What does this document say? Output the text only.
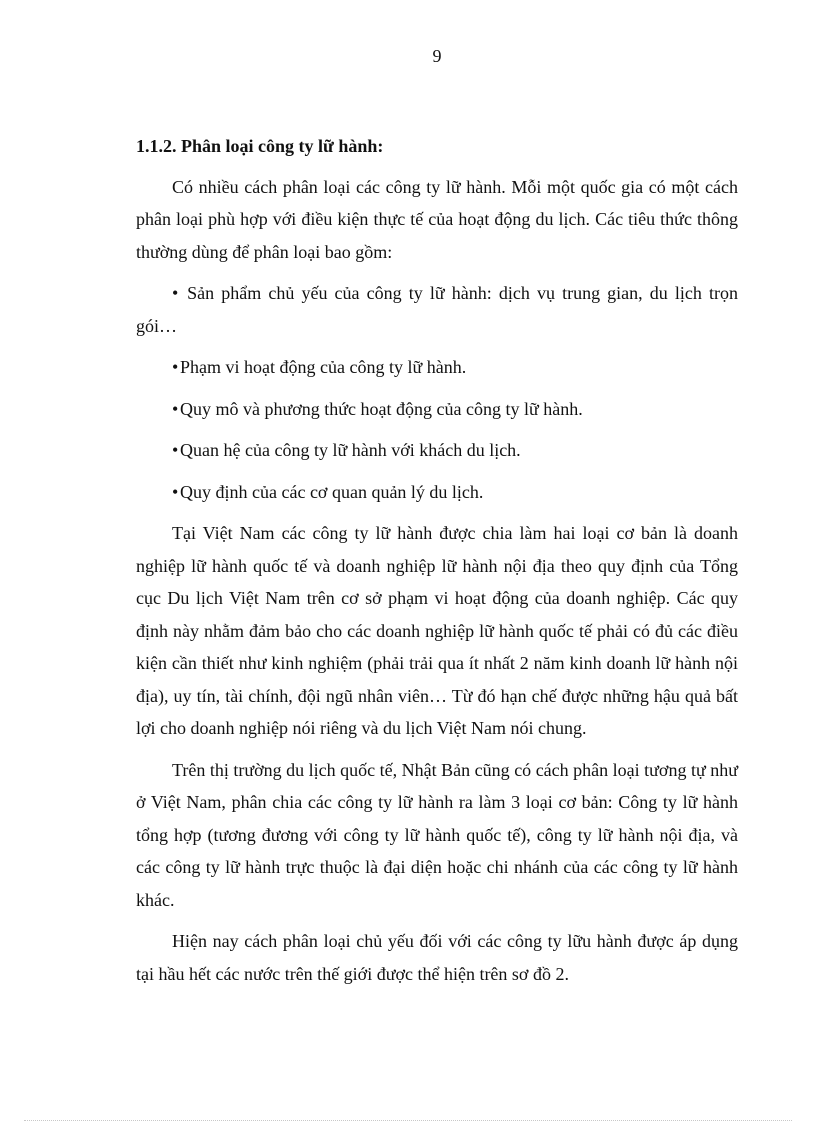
9
1.1.2. Phân loại công ty lữ hành:

Có nhiều cách phân loại các công ty lữ hành. Mỗi một quốc gia có một cách phân loại phù hợp với điều kiện thực tế của hoạt động du lịch. Các tiêu thức thông thường dùng để phân loại bao gồm:

• Sản phẩm chủ yếu của công ty lữ hành: dịch vụ trung gian, du lịch trọn gói…
•Phạm vi hoạt động của công ty lữ hành.
•Quy mô và phương thức hoạt động của công ty lữ hành.
•Quan hệ của công ty lữ hành với khách du lịch.
•Quy định của các cơ quan quản lý du lịch.

Tại Việt Nam các công ty lữ hành được chia làm hai loại cơ bản là doanh nghiệp lữ hành quốc tế và doanh nghiệp lữ hành nội địa theo quy định của Tổng cục Du lịch Việt Nam trên cơ sở phạm vi hoạt động của doanh nghiệp. Các quy định này nhằm đảm bảo cho các doanh nghiệp lữ hành quốc tế phải có đủ các điều kiện cần thiết như kinh nghiệm (phải trải qua ít nhất 2 năm kinh doanh lữ hành nội địa), uy tín, tài chính, đội ngũ nhân viên… Từ đó hạn chế được những hậu quả bất lợi cho doanh nghiệp nói riêng và du lịch Việt Nam nói chung.

Trên thị trường du lịch quốc tế, Nhật Bản cũng có cách phân loại tương tự như ở Việt Nam, phân chia các công ty lữ hành ra làm 3 loại cơ bản: Công ty lữ hành tổng hợp (tương đương với công ty lữ hành quốc tế), công ty lữ hành nội địa, và các công ty lữ hành trực thuộc là đại diện hoặc chi nhánh của các công ty lữ hành khác.

Hiện nay cách phân loại chủ yếu đối với các công ty lữu hành được áp dụng tại hầu hết các nước trên thế giới được thể hiện trên sơ đồ 2.
